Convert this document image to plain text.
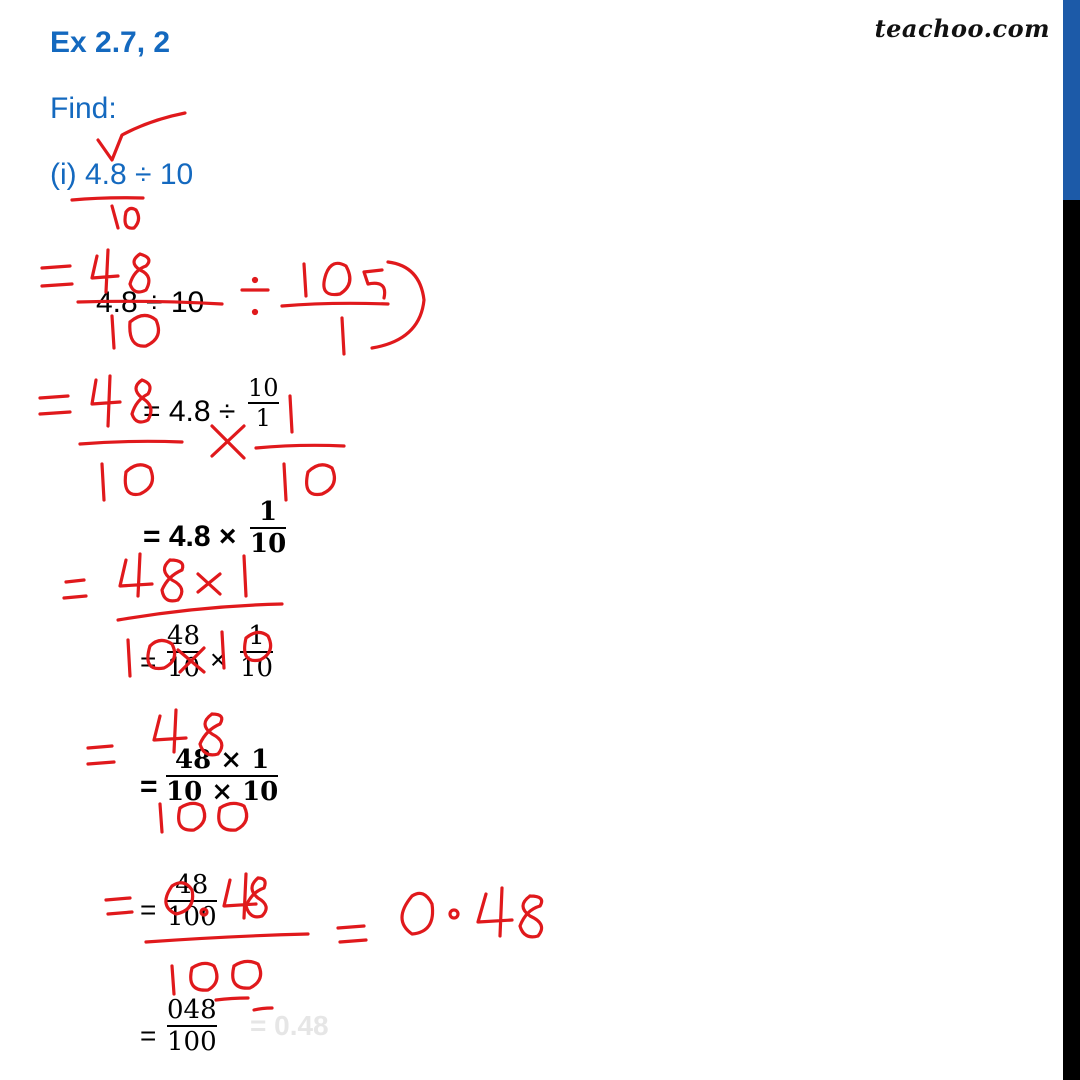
Ex 2.7, 2	teachoo.com
Find:
(i) 4.8 ÷ 10
4.8 ÷ 10
= 4.8 ÷
10
1
= 4.8 ×
1
10
=
48
10 ×
1
10
=
48 × 1
10 × 10
=
48
100
=
048
100
= 0.48
